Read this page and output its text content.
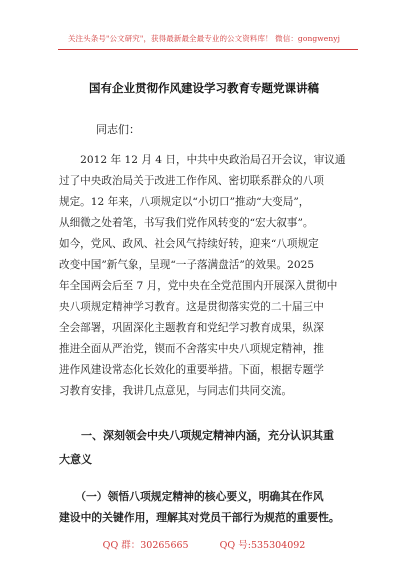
关注头条号"公文研究"，获得最新最全最专业的公文资料库！ 微信：gongwenyj
国有企业贯彻作风建设学习教育专题党课讲稿
同志们：
　　2012 年 12 月 4 日，中共中央政治局召开会议，审议通
过了中央政治局关于改进工作作风、密切联系群众的八项
规定。12 年来，八项规定以“小切口”推动“大变局”，
从细微之处着笔，书写我们党作风转变的“宏大叙事”。
如今，党风、政风、社会风气持续好转，迎来“八项规定
改变中国”新气象，呈现“一子落满盘活”的效果。2025
年全国两会后至 7 月，党中央在全党范围内开展深入贯彻中
央八项规定精神学习教育。这是贯彻落实党的二十届三中
全会部署，巩固深化主题教育和党纪学习教育成果，纵深
推进全面从严治党，锲而不舍落实中央八项规定精神，推
进作风建设常态化长效化的重要举措。下面，根据专题学
习教育安排，我讲几点意见，与同志们共同交流。
　　一、深刻领会中央八项规定精神内涵，充分认识其重
大意义
　　（一）领悟八项规定精神的核心要义，明确其在作风
建设中的关键作用，理解其对党员干部行为规范的重要性。
QQ 群：30265665	QQ 号:535304092
